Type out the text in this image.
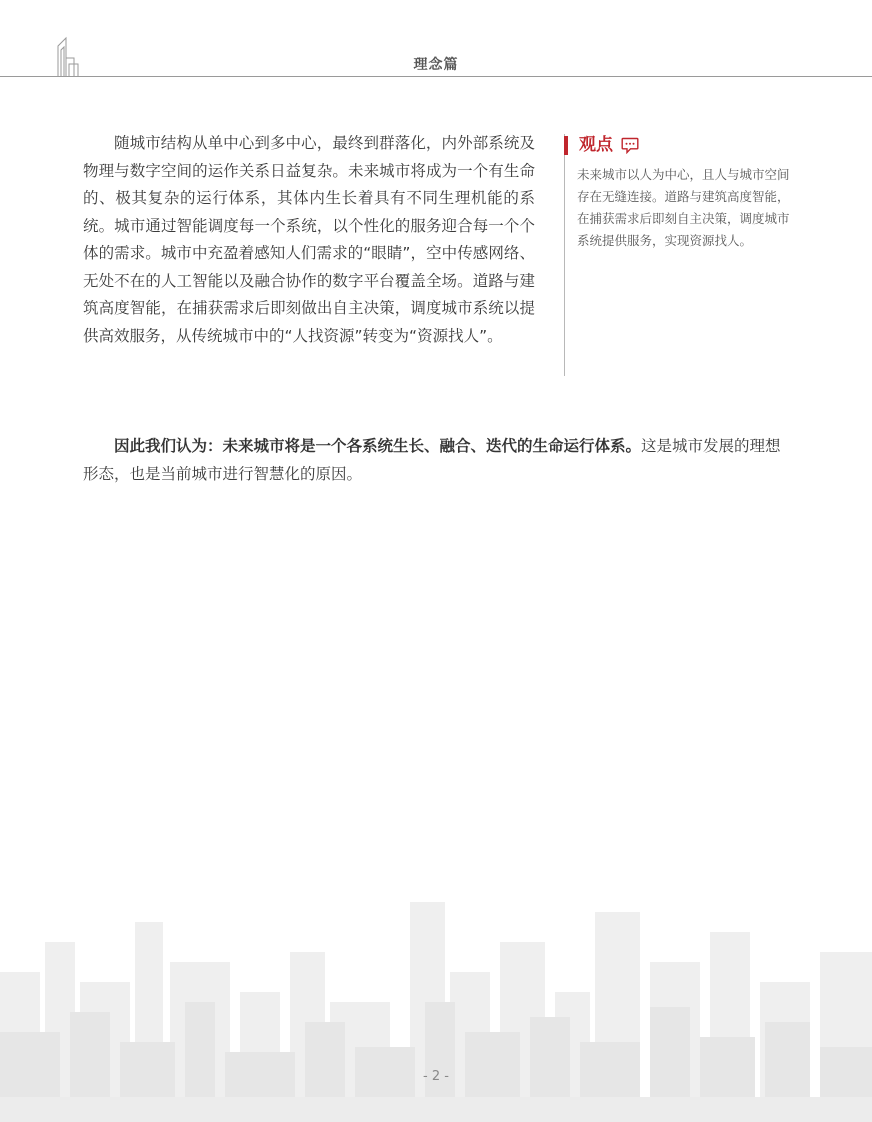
理念篇

随城市结构从单中心到多中心，最终到群落化，内外部系统及物理与数字空间的运作关系日益复杂。未来城市将成为一个有生命的、极其复杂的运行体系，其体内生长着具有不同生理机能的系统。城市通过智能调度每一个系统，以个性化的服务迎合每一个个体的需求。城市中充盈着感知人们需求的“眼睛”，空中传感网络、无处不在的人工智能以及融合协作的数字平台覆盖全场。道路与建筑高度智能，在捕获需求后即刻做出自主决策，调度城市系统以提供高效服务，从传统城市中的“人找资源”转变为“资源找人”。

观点

未来城市以人为中心，且人与城市空间存在无缝连接。道路与建筑高度智能，在捕获需求后即刻自主决策，调度城市系统提供服务，实现资源找人。

因此我们认为：未来城市将是一个各系统生长、融合、迭代的生命运行体系。这是城市发展的理想形态，也是当前城市进行智慧化的原因。

- 2 -
